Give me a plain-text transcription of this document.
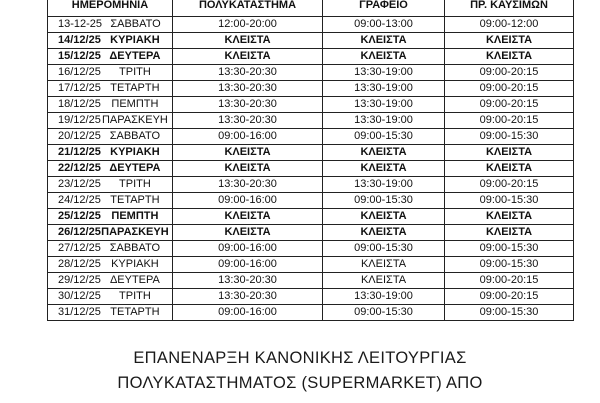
ΗΜΕΡΟΜΗΝΙΑ	ΠΟΛΥΚΑΤΑΣΤΗΜΑ	ΓΡΑΦΕΙΟ	ΠΡ. ΚΑΥΣΙΜΩΝ

13-12-25 ΣΑΒΒΑΤΟ	12:00-20:00	09:00-13:00	09:00-12:00

14/12/25 ΚΥΡΙΑΚΗ	ΚΛΕΙΣΤΑ	ΚΛΕΙΣΤΑ	ΚΛΕΙΣΤΑ

15/12/25 ΔΕΥΤΕΡΑ	ΚΛΕΙΣΤΑ	ΚΛΕΙΣΤΑ	ΚΛΕΙΣΤΑ

16/12/25 ΤΡΙΤΗ	13:30-20:30	13:30-19:00	09:00-20:15

17/12/25 ΤΕΤΑΡΤΗ	13:30-20:30	13:30-19:00	09:00-20:15

18/12/25 ΠΕΜΠΤΗ	13:30-20:30	13:30-19:00	09:00-20:15

19/12/25 ΠΑΡΑΣΚΕΥΗ	13:30-20:30	13:30-19:00	09:00-20:15

20/12/25 ΣΑΒΒΑΤΟ	09:00-16:00	09:00-15:30	09:00-15:30

21/12/25 ΚΥΡΙΑΚΗ	ΚΛΕΙΣΤΑ	ΚΛΕΙΣΤΑ	ΚΛΕΙΣΤΑ

22/12/25 ΔΕΥΤΕΡΑ	ΚΛΕΙΣΤΑ	ΚΛΕΙΣΤΑ	ΚΛΕΙΣΤΑ

23/12/25 ΤΡΙΤΗ	13:30-20:30	13:30-19:00	09:00-20:15

24/12/25 ΤΕΤΑΡΤΗ	09:00-16:00	09:00-15:30	09:00-15:30

25/12/25 ΠΕΜΠΤΗ	ΚΛΕΙΣΤΑ	ΚΛΕΙΣΤΑ	ΚΛΕΙΣΤΑ

26/12/25 ΠΑΡΑΣΚΕΥΗ	ΚΛΕΙΣΤΑ	ΚΛΕΙΣΤΑ	ΚΛΕΙΣΤΑ

27/12/25 ΣΑΒΒΑΤΟ	09:00-16:00	09:00-15:30	09:00-15:30

28/12/25 ΚΥΡΙΑΚΗ	09:00-16:00	ΚΛΕΙΣΤΑ	09:00-15:30

29/12/25 ΔΕΥΤΕΡΑ	13:30-20:30	ΚΛΕΙΣΤΑ	09:00-20:15

30/12/25 ΤΡΙΤΗ	13:30-20:30	13:30-19:00	09:00-20:15

31/12/25 ΤΕΤΑΡΤΗ	09:00-16:00	09:00-15:30	09:00-15:30
ΕΠΑΝΕΝΑΡΞΗ ΚΑΝΟΝΙΚΗΣ ΛΕΙΤΟΥΡΓΙΑΣ
ΠΟΛΥΚΑΤΑΣΤΗΜΑΤΟΣ (SUPERMARKET) ΑΠΟ
